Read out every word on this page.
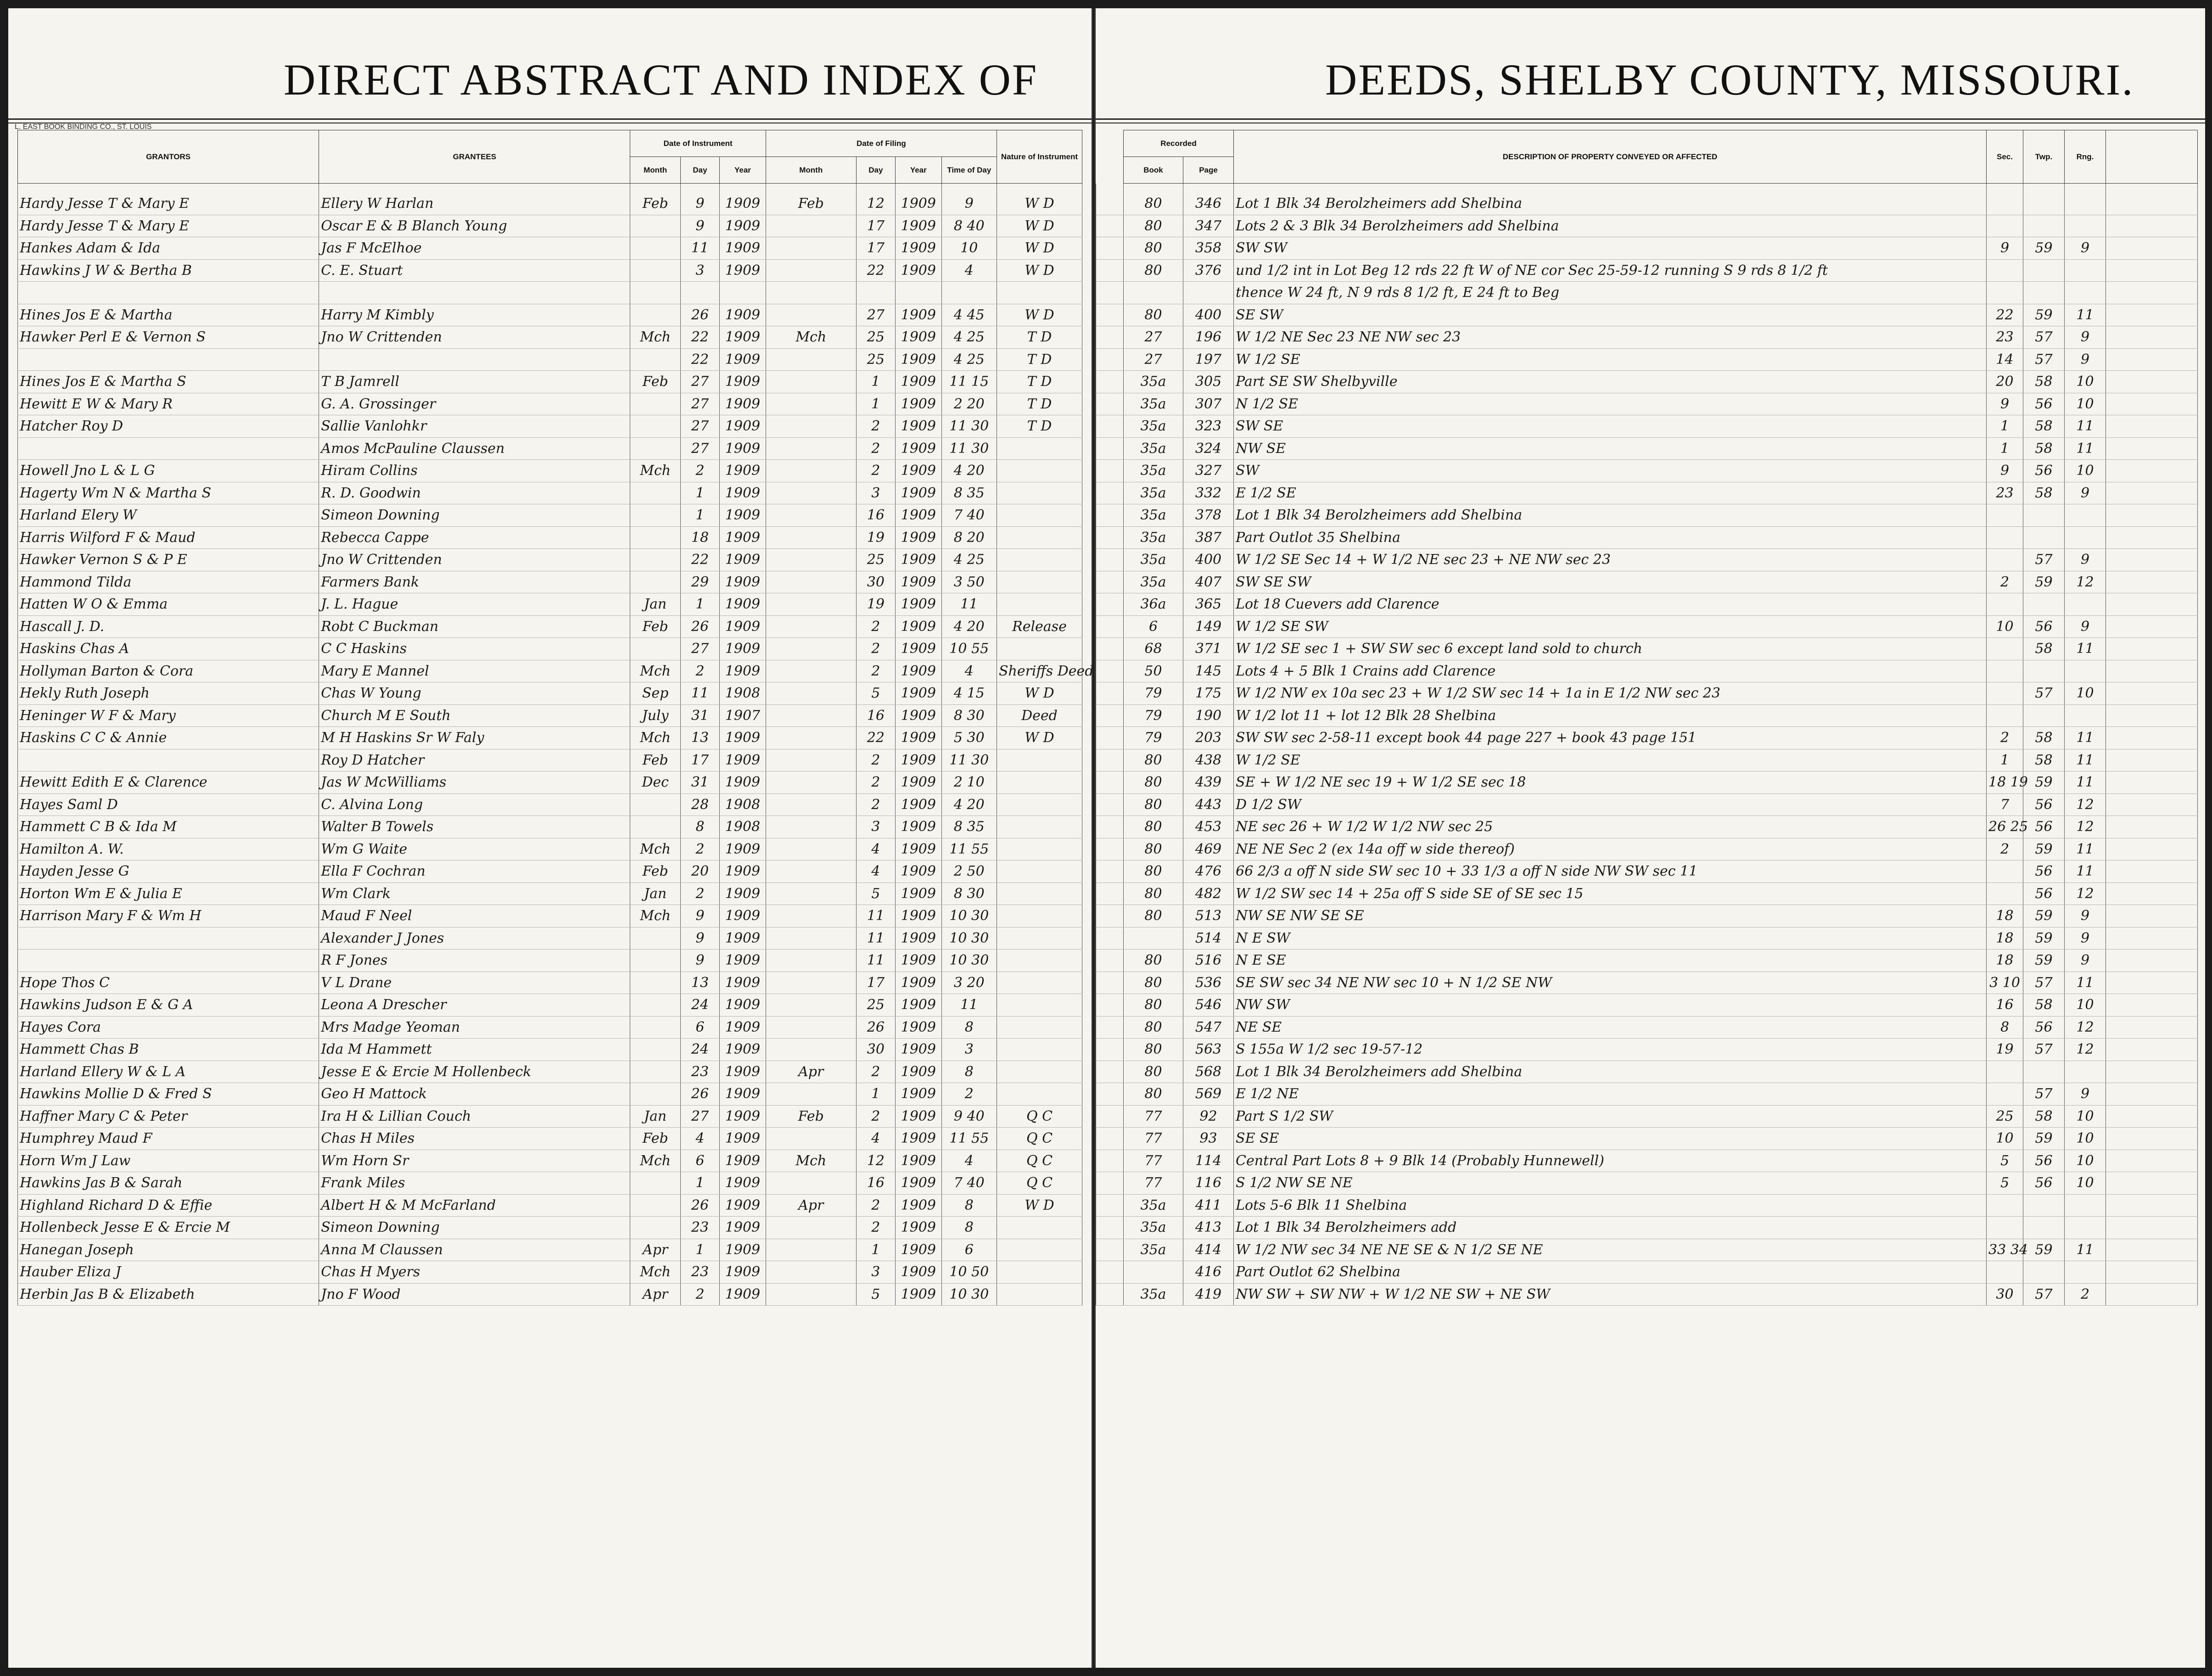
DIRECT ABSTRACT AND INDEX OF
L. EAST BOOK BINDING CO., ST. LOUIS
GRANTORS	GRANTEES	Date of Instrument			Date of Filing				Nature of Instrument
		Month	Day	Year	Month	Day	Year	Time of Day	
Hardy Jesse T & Mary E	Ellery W Harlan	Feb	9	1909	Feb	12	1909	9	W D
Hardy Jesse T & Mary E	Oscar E & B Blanch Young		9	1909		17	1909	8 40	W D
Hankes Adam & Ida	Jas F McElhoe		11	1909		17	1909	10	W D
Hawkins J W & Bertha B	C. E. Stuart		3	1909		22	1909	4	W D

Hines Jos E & Martha	Harry M Kimbly		26	1909		27	1909	4 45	W D
Hawker Perl E & Vernon S	Jno W Crittenden	Mch	22	1909	Mch	25	1909	4 25	T D
			22	1909		25	1909	4 25	T D
Hines Jos E & Martha S	T B Jamrell	Feb	27	1909		1	1909	11 15	T D
Hewitt E W & Mary R	G. A. Grossinger		27	1909		1	1909	2 20	T D
Hatcher Roy D	Sallie Vanlohkr		27	1909		2	1909	11 30	T D
	Amos McPauline Claussen		27	1909		2	1909	11 30	
Howell Jno L & L G	Hiram Collins	Mch	2	1909		2	1909	4 20	
Hagerty Wm N & Martha S	R. D. Goodwin		1	1909		3	1909	8 35	
Harland Elery W	Simeon Downing		1	1909		16	1909	7 40	
Harris Wilford F & Maud	Rebecca Cappe		18	1909		19	1909	8 20	
Hawker Vernon S & P E	Jno W Crittenden		22	1909		25	1909	4 25	
Hammond Tilda	Farmers Bank		29	1909		30	1909	3 50	
Hatten W O & Emma	J. L. Hague	Jan	1	1909		19	1909	11	
Hascall J. D.	Robt C Buckman	Feb	26	1909		2	1909	4 20	Release
Haskins Chas A	C C Haskins		27	1909		2	1909	10 55	
Hollyman Barton & Cora	Mary E Mannel	Mch	2	1909		2	1909	4	Sheriffs Deed
Hekly Ruth Joseph	Chas W Young	Sep	11	1908		5	1909	4 15	W D
Heninger W F & Mary	Church M E South	July	31	1907		16	1909	8 30	Deed
Haskins C C & Annie	M H Haskins Sr W Faly	Mch	13	1909		22	1909	5 30	W D
	Roy D Hatcher	Feb	17	1909		2	1909	11 30	
Hewitt Edith E & Clarence	Jas W McWilliams	Dec	31	1909		2	1909	2 10	
Hayes Saml D	C. Alvina Long		28	1908		2	1909	4 20	
Hammett C B & Ida M	Walter B Towels		8	1908		3	1909	8 35	
Hamilton A. W.	Wm G Waite	Mch	2	1909		4	1909	11 55	
Hayden Jesse G	Ella F Cochran	Feb	20	1909		4	1909	2 50	
Horton Wm E & Julia E	Wm Clark	Jan	2	1909		5	1909	8 30	
Harrison Mary F & Wm H	Maud F Neel	Mch	9	1909		11	1909	10 30	
	Alexander J Jones		9	1909		11	1909	10 30	
	R F Jones		9	1909		11	1909	10 30	
Hope Thos C	V L Drane		13	1909		17	1909	3 20	
Hawkins Judson E & G A	Leona A Drescher		24	1909		25	1909	11	
Hayes Cora	Mrs Madge Yeoman		6	1909		26	1909	8	
Hammett Chas B	Ida M Hammett		24	1909		30	1909	3	
Harland Ellery W & L A	Jesse E & Ercie M Hollenbeck		23	1909	Apr	2	1909	8	
Hawkins Mollie D & Fred S	Geo H Mattock		26	1909		1	1909	2	
Haffner Mary C & Peter	Ira H & Lillian Couch	Jan	27	1909	Feb	2	1909	9 40	Q C
Humphrey Maud F	Chas H Miles	Feb	4	1909		4	1909	11 55	Q C
Horn Wm J Law	Wm Horn Sr	Mch	6	1909	Mch	12	1909	4	Q C
Hawkins Jas B & Sarah	Frank Miles		1	1909		16	1909	7 40	Q C
Highland Richard D & Effie	Albert H & M McFarland		26	1909	Apr	2	1909	8	W D
Hollenbeck Jesse E & Ercie M	Simeon Downing		23	1909		2	1909	8	
Hanegan Joseph	Anna M Claussen	Apr	1	1909		1	1909	6	
Hauber Eliza J	Chas H Myers	Mch	23	1909		3	1909	10 50	
Herbin Jas B & Elizabeth	Jno F Wood	Apr	2	1909		5	1909	10 30	
DEEDS, SHELBY COUNTY, MISSOURI.
	Recorded		DESCRIPTION OF PROPERTY CONVEYED OR AFFECTED	Sec.	Twp.	Rng.	
	Book	Page					
	80	346	Lot 1 Blk 34 Berolzheimers add Shelbina				
	80	347	Lots 2 & 3 Blk 34 Berolzheimers add Shelbina				
	80	358	SW SW	9	59	9	
	80	376	und 1/2 int in Lot Beg 12 rds 22 ft W of NE cor Sec 25-59-12 running S 9 rds 8 1/2 ft				
			thence W 24 ft, N 9 rds 8 1/2 ft, E 24 ft to Beg				
	80	400	SE SW	22	59	11	
	27	196	W 1/2 NE Sec 23 NE NW sec 23	23	57	9	
	27	197	W 1/2 SE	14	57	9	
	35a	305	Part SE SW Shelbyville	20	58	10	
	35a	307	N 1/2 SE	9	56	10	
	35a	323	SW SE	1	58	11	
	35a	324	NW SE	1	58	11	
	35a	327	SW	9	56	10	
	35a	332	E 1/2 SE	23	58	9	
	35a	378	Lot 1 Blk 34 Berolzheimers add Shelbina				
	35a	387	Part Outlot 35 Shelbina				
	35a	400	W 1/2 SE Sec 14 + W 1/2 NE sec 23 + NE NW sec 23		57	9	
	35a	407	SW SE SW	2	59	12	
	36a	365	Lot 18 Cuevers add Clarence				
	6	149	W 1/2 SE SW	10	56	9	
	68	371	W 1/2 SE sec 1 + SW SW sec 6 except land sold to church		58	11	
	50	145	Lots 4 + 5 Blk 1 Crains add Clarence				
	79	175	W 1/2 NW ex 10a sec 23 + W 1/2 SW sec 14 + 1a in E 1/2 NW sec 23		57	10	
	79	190	W 1/2 lot 11 + lot 12 Blk 28 Shelbina				
	79	203	SW SW sec 2-58-11 except book 44 page 227 + book 43 page 151	2	58	11	
	80	438	W 1/2 SE	1	58	11	
	80	439	SE + W 1/2 NE sec 19 + W 1/2 SE sec 18	18 19	59	11	
	80	443	D 1/2 SW	7	56	12	
	80	453	NE sec 26 + W 1/2 W 1/2 NW sec 25	26 25	56	12	
	80	469	NE NE Sec 2 (ex 14a off w side thereof)	2	59	11	
	80	476	66 2/3 a off N side SW sec 10 + 33 1/3 a off N side NW SW sec 11		56	11	
	80	482	W 1/2 SW sec 14 + 25a off S side SE of SE sec 15		56	12	
	80	513	NW SE NW SE SE	18	59	9	
		514	N E SW	18	59	9	
	80	516	N E SE	18	59	9	
	80	536	SE SW sec 34 NE NW sec 10 + N 1/2 SE NW	3 10	57	11	
	80	546	NW SW	16	58	10	
	80	547	NE SE	8	56	12	
	80	563	S 155a W 1/2 sec 19-57-12	19	57	12	
	80	568	Lot 1 Blk 34 Berolzheimers add Shelbina				
	80	569	E 1/2 NE		57	9	
	77	92	Part S 1/2 SW	25	58	10	
	77	93	SE SE	10	59	10	
	77	114	Central Part Lots 8 + 9 Blk 14 (Probably Hunnewell)	5	56	10	
	77	116	S 1/2 NW SE NE	5	56	10	
	35a	411	Lots 5-6 Blk 11 Shelbina				
	35a	413	Lot 1 Blk 34 Berolzheimers add				
	35a	414	W 1/2 NW sec 34 NE NE SE & N 1/2 SE NE	33 34	59	11	
		416	Part Outlot 62 Shelbina				
	35a	419	NW SW + SW NW + W 1/2 NE SW + NE SW	30	57	2	
